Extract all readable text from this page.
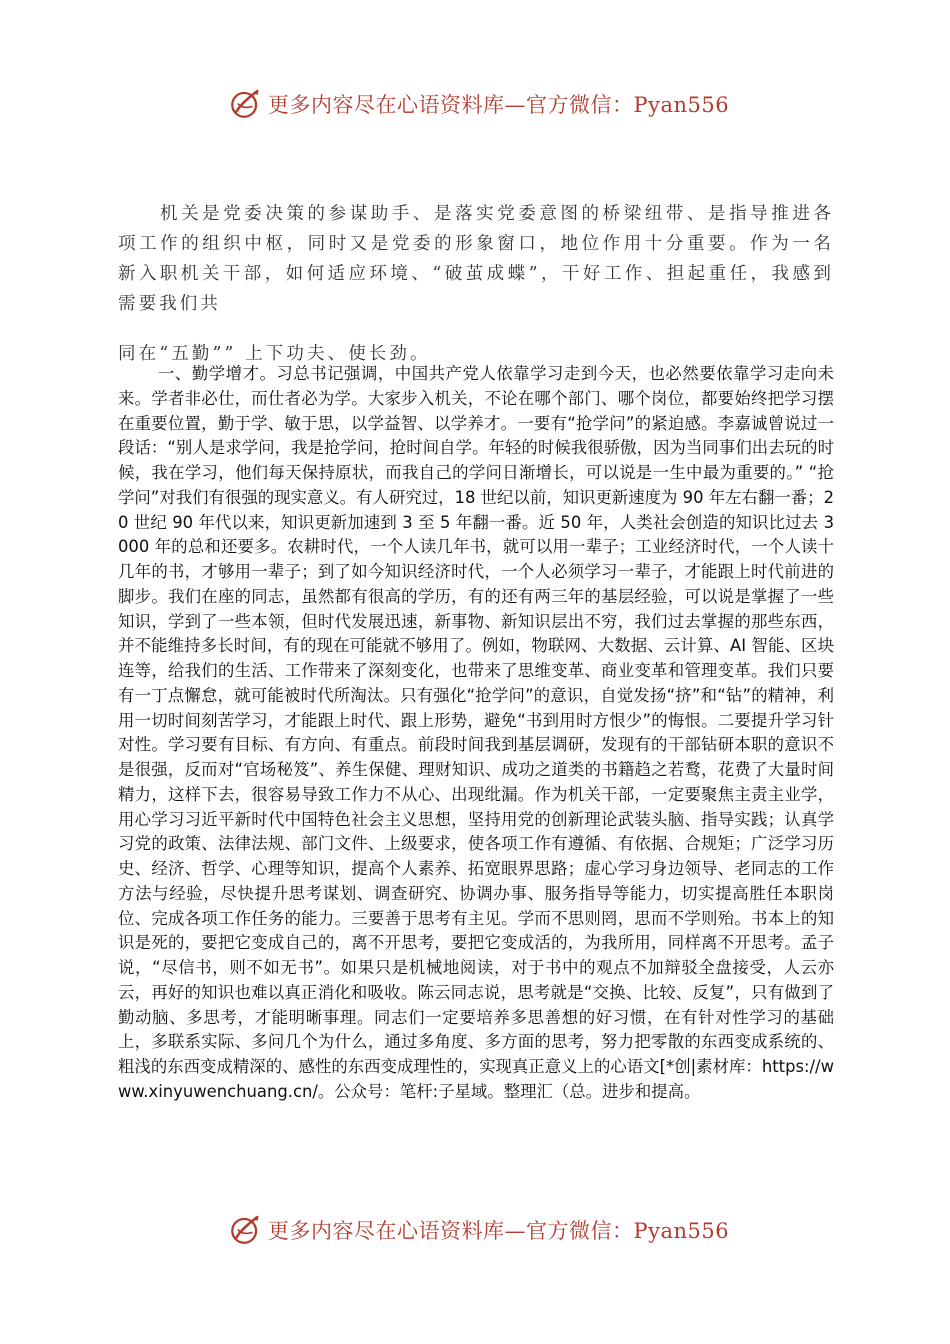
更多内容尽在心语资料库—官方微信：Pyan556

机关是党委决策的参谋助手、是落实党委意图的桥梁纽带、是指导推进各项工作的组织中枢，同时又是党委的形象窗口，地位作用十分重要。作为一名新入职机关干部，如何适应环境、“破茧成蝶”，干好工作、担起重任，我感到需要我们共
同在“五勤”” 上下功夫、使长劲。

一、勤学增才。习总书记强调，中国共产党人依靠学习走到今天，也必然要依靠学习走向未来。学者非必仕，而仕者必为学。大家步入机关，不论在哪个部门、哪个岗位，都要始终把学习摆在重要位置，勤于学、敏于思，以学益智、以学养才。一要有“抢学问”的紧迫感。李嘉诚曾说过一段话：“别人是求学问，我是抢学问，抢时间自学。年轻的时候我很骄傲，因为当同事们出去玩的时候，我在学习，他们每天保持原状，而我自己的学问日渐增长，可以说是一生中最为重要的。” “抢学问”对我们有很强的现实意义。有人研究过，18 世纪以前，知识更新速度为 90 年左右翻一番；20 世纪 90 年代以来，知识更新加速到 3 至 5 年翻一番。近 50 年，人类社会创造的知识比过去 3000 年的总和还要多。农耕时代，一个人读几年书，就可以用一辈子；工业经济时代，一个人读十几年的书，才够用一辈子；到了如今知识经济时代，一个人必须学习一辈子，才能跟上时代前进的脚步。我们在座的同志，虽然都有很高的学历，有的还有两三年的基层经验，可以说是掌握了一些知识，学到了一些本领，但时代发展迅速，新事物、新知识层出不穷，我们过去掌握的那些东西，并不能维持多长时间，有的现在可能就不够用了。例如，物联网、大数据、云计算、AI 智能、区块连等，给我们的生活、工作带来了深刻变化，也带来了思维变革、商业变革和管理变革。我们只要有一丁点懈怠，就可能被时代所淘汰。只有强化“抢学问”的意识，自觉发扬“挤”和“钻”的精神，利用一切时间刻苦学习，才能跟上时代、跟上形势，避免“书到用时方恨少”的悔恨。二要提升学习针对性。学习要有目标、有方向、有重点。前段时间我到基层调研，发现有的干部钻研本职的意识不是很强，反而对“官场秘笈”、养生保健、理财知识、成功之道类的书籍趋之若鹜，花费了大量时间精力，这样下去，很容易导致工作力不从心、出现纰漏。作为机关干部，一定要聚焦主责主业学，用心学习习近平新时代中国特色社会主义思想，坚持用党的创新理论武装头脑、指导实践；认真学习党的政策、法律法规、部门文件、上级要求，使各项工作有遵循、有依据、合规矩；广泛学习历史、经济、哲学、心理等知识，提高个人素养、拓宽眼界思路；虚心学习身边领导、老同志的工作方法与经验，尽快提升思考谋划、调查研究、协调办事、服务指导等能力，切实提高胜任本职岗位、完成各项工作任务的能力。三要善于思考有主见。学而不思则罔，思而不学则殆。书本上的知识是死的，要把它变成自己的，离不开思考，要把它变成活的，为我所用，同样离不开思考。孟子说，“尽信书，则不如无书”。如果只是机械地阅读，对于书中的观点不加辩驳全盘接受，人云亦云，再好的知识也难以真正消化和吸收。陈云同志说，思考就是“交换、比较、反复”，只有做到了勤动脑、多思考，才能明晰事理。同志们一定要培养多思善想的好习惯，在有针对性学习的基础上，多联系实际、多问几个为什么，通过多角度、多方面的思考，努力把零散的东西变成系统的、粗浅的东西变成精深的、感性的东西变成理性的，实现真正意义上的心语文[*创|素材库：https://www.xinyuwenchuang.cn/。公众号：笔杆:子星域。整理汇（总。进步和提高。

更多内容尽在心语资料库—官方微信：Pyan556
